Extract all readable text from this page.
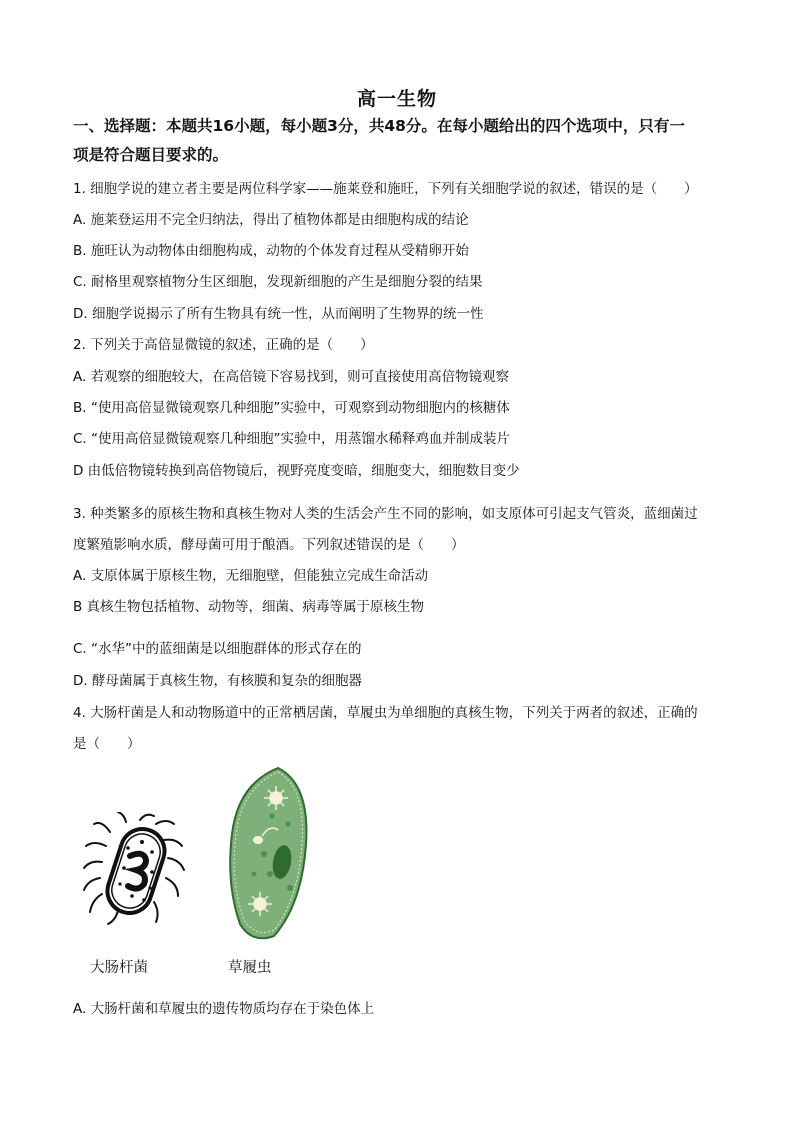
高一生物
一、选择题：本题共16小题，每小题3分，共48分。在每小题给出的四个选项中，只有一
项是符合题目要求的。
1. 细胞学说的建立者主要是两位科学家——施莱登和施旺，下列有关细胞学说的叙述，错误的是（　　）
A. 施莱登运用不完全归纳法，得出了植物体都是由细胞构成的结论
B. 施旺认为动物体由细胞构成，动物的个体发育过程从受精卵开始
C. 耐格里观察植物分生区细胞，发现新细胞的产生是细胞分裂的结果
D. 细胞学说揭示了所有生物具有统一性，从而阐明了生物界的统一性
2. 下列关于高倍显微镜的叙述，正确的是（　　）
A. 若观察的细胞较大，在高倍镜下容易找到，则可直接使用高倍物镜观察
B. “使用高倍显微镜观察几种细胞”实验中，可观察到动物细胞内的核糖体
C. “使用高倍显微镜观察几种细胞”实验中，用蒸馏水稀释鸡血并制成装片
D 由低倍物镜转换到高倍物镜后，视野亮度变暗，细胞变大，细胞数目变少
3. 种类繁多的原核生物和真核生物对人类的生活会产生不同的影响，如支原体可引起支气管炎，蓝细菌过
度繁殖影响水质，酵母菌可用于酿酒。下列叙述错误的是（　　）
A. 支原体属于原核生物，无细胞壁，但能独立完成生命活动
B 真核生物包括植物、动物等，细菌、病毒等属于原核生物
C. “水华”中的蓝细菌是以细胞群体的形式存在的
D. 酵母菌属于真核生物，有核膜和复杂的细胞器
4. 大肠杆菌是人和动物肠道中的正常栖居菌，草履虫为单细胞的真核生物，下列关于两者的叙述，正确的
是（　　）
大肠杆菌	草履虫
A. 大肠杆菌和草履虫的遗传物质均存在于染色体上
